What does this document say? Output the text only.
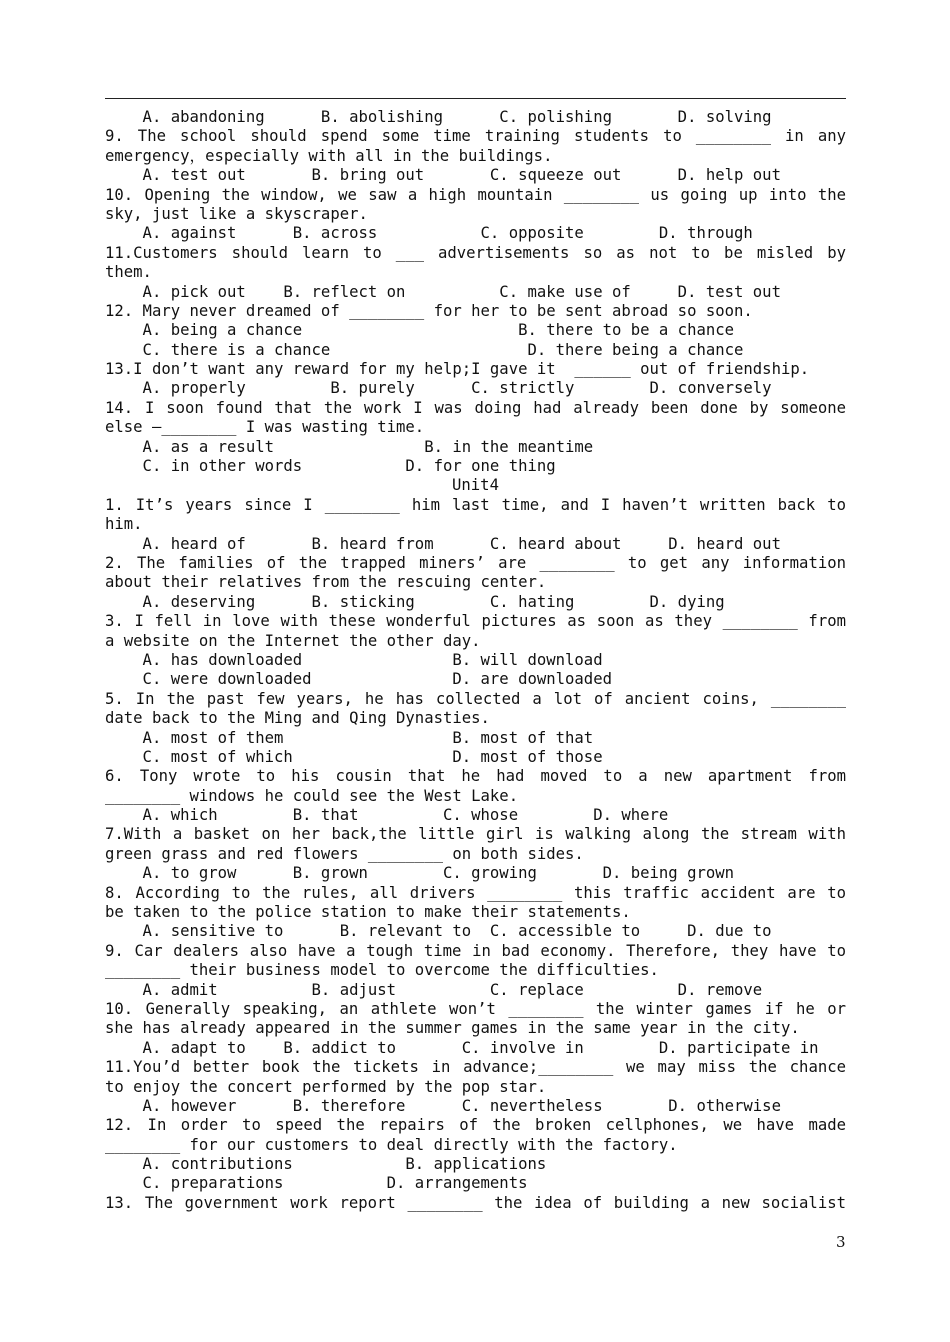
A. abandoning      B. abolishing      C. polishing       D. solving
9. The school should spend some time training students to ________ in any
emergency，especially with all in the buildings.
A. test out       B. bring out       C. squeeze out      D. help out
10. Opening the window, we saw a high mountain ________ us going up into the
sky, just like a skyscraper.
A. against      B. across           C. opposite        D. through
11.Customers should learn to ___ advertisements so as not to be misled by
them.
A. pick out    B. reflect on          C. make use of     D. test out
12. Mary never dreamed of ________ for her to be sent abroad so soon.
A. being a chance                       B. there to be a chance
C. there is a chance                     D. there being a chance
13.I don’t want any reward for my help;I gave it  ______ out of friendship.
A. properly         B. purely      C. strictly        D. conversely
14. I soon found that the work I was doing had already been done by someone
else —________ I was wasting time.
A. as a result                B. in the meantime
C. in other words           D. for one thing
Unit4
1. It’s years since I ________ him last time, and I haven’t written back to
him.
A. heard of       B. heard from      C. heard about     D. heard out
2. The families of the trapped miners’ are ________ to get any information
about their relatives from the rescuing center.
A. deserving      B. sticking        C. hating        D. dying
3. I fell in love with these wonderful pictures as soon as they ________ from
a website on the Internet the other day.
A. has downloaded                B. will download
C. were downloaded               D. are downloaded
5. In the past few years, he has collected a lot of ancient coins, ________
date back to the Ming and Qing Dynasties.
A. most of them                  B. most of that
C. most of which                 D. most of those
6. Tony wrote to his cousin that he had moved to a new apartment from
________ windows he could see the West Lake.
A. which        B. that         C. whose        D. where
7.With a basket on her back,the little girl is walking along the stream with
green grass and red flowers ________ on both sides.
A. to grow      B. grown        C. growing       D. being grown
8. According to the rules, all drivers ________ this traffic accident are to
be taken to the police station to make their statements.
A. sensitive to      B. relevant to  C. accessible to     D. due to
9. Car dealers also have a tough time in bad economy. Therefore, they have to
________ their business model to overcome the difficulties.
A. admit          B. adjust          C. replace          D. remove
10. Generally speaking, an athlete won’t ________ the winter games if he or
she has already appeared in the summer games in the same year in the city.
A. adapt to    B. addict to       C. involve in        D. participate in
11.You’d better book the tickets in advance;________ we may miss the chance
to enjoy the concert performed by the pop star.
A. however      B. therefore      C. nevertheless       D. otherwise
12. In order to speed the repairs of the broken cellphones, we have made
________ for our customers to deal directly with the factory.
A. contributions            B. applications
C. preparations           D. arrangements
13. The government work report ________ the idea of building a new socialist
3
